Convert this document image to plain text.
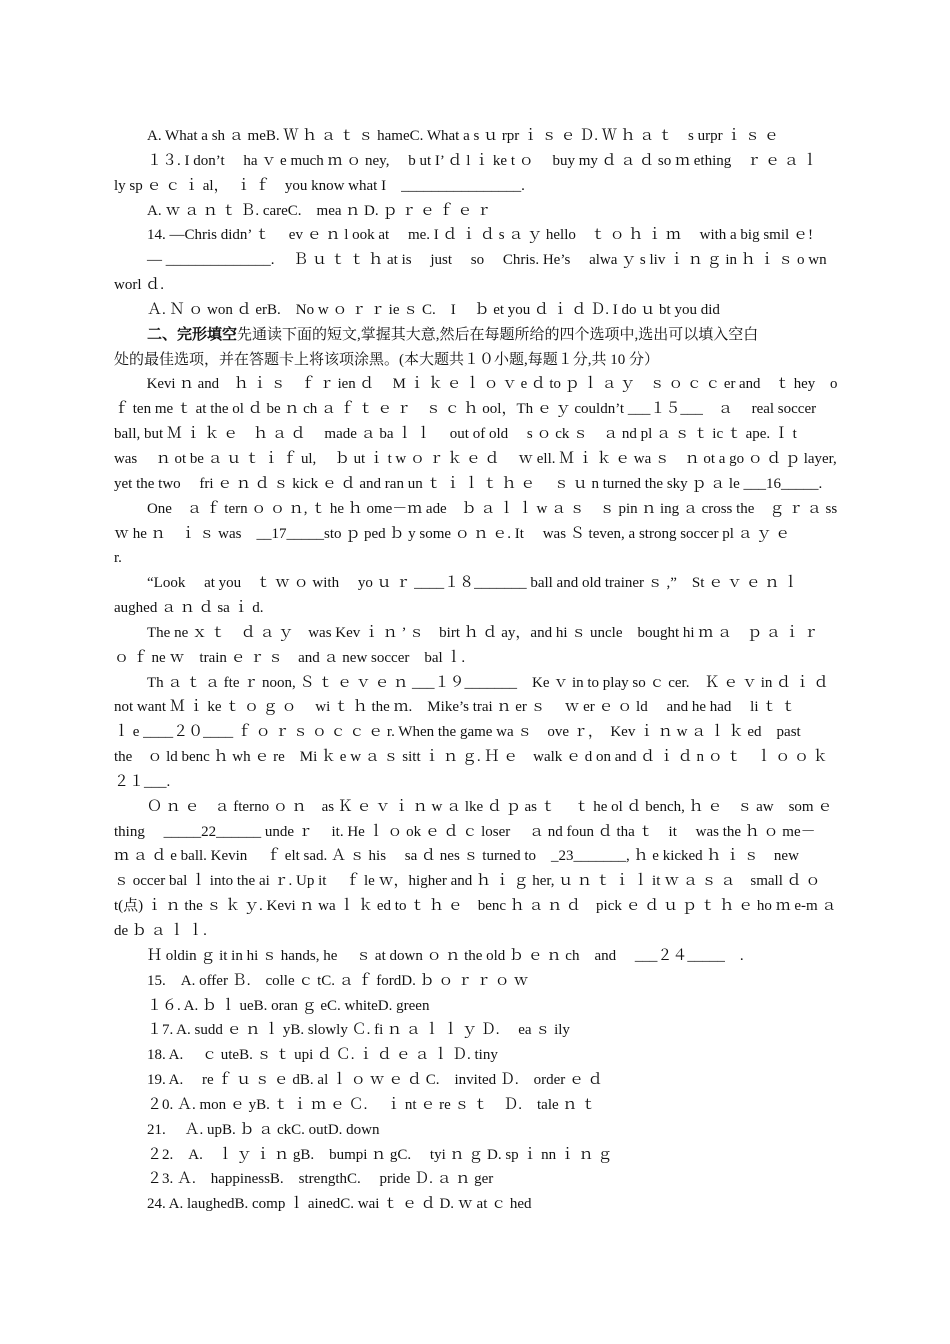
A. What a sh ａ meB. Ｗ ｈ ａ ｔ ｓ hameC. What a s ｕ rpr ｉ ｓ ｅ Ｄ. Ｗ ｈ ａ ｔ　s urpr ｉ ｓ ｅ
１３. I don’t　 ha ｖ e much ｍ ｏ ney,　 b ut I’ ｄ l ｉ ke t ｏ　 buy my ｄ ａ ｄ so ｍ ething　ｒ ｅ ａ ｌ
ly sp ｅ ｃ ｉ al，　ｉ ｆ　you know what I　________________.
A. ｗ ａ ｎ ｔ Ｂ. careC.　mea ｎ D. ｐ ｒ ｅ ｆ ｅ ｒ
14. —Chris didn’ ｔ　 ev ｅ ｎ l ook at　 me. I ｄ ｉ ｄ s ａ ｙ hello　ｔ ｏ ｈ ｉ ｍ　 with a big smil ｅ!
— ______________.　 Ｂ ｕ ｔ ｔ ｈ at is　 just　 so　 Chris. He’s　 alwa ｙ s liv ｉ ｎ ｇ in ｈ ｉ ｓ o wn
worl ｄ.
Ａ. Ｎ ｏ won ｄ erB.　No w ｏ ｒ ｒ ie ｓ C.　I　 ｂ et you ｄ ｉ ｄ Ｄ. I do ｕ bt you did
二、完形填空先通读下面的短文,掌握其大意,然后在每题所给的四个选项中,选出可以填入空白
处的最佳选项，并在答题卡上将该项涂黑。(本大题共１０小题,每题１分,共 10 分）
Kevi ｎ and　ｈ ｉ ｓ　ｆ ｒ ien ｄ　 M ｉ ｋ ｅ ｌ ｏ ｖ e ｄ to ｐ ｌ ａ ｙ　ｓ ｏ ｃ ｃ er and　ｔ hey　o
ｆ ten me ｔ at the ol ｄ be ｎ ch ａ ｆ ｔ ｅ ｒ　ｓ ｃ ｈ ool，Th ｅ ｙ couldn’t ___１５___　ａ　 real soccer
ball, but Ｍ ｉ ｋ ｅ　ｈ ａ ｄ　 made ａ ba ｌ ｌ　 out of old　 s ｏ ck ｓ　ａ nd pl ａ ｓ ｔ ic ｔ ape. Ｉ t
was　 ｎ ot be ａ ｕ ｔ ｉ ｆ ul,　 ｂ ut ｉ t w ｏ ｒ ｋ ｅ ｄ　 ｗ ell. Ｍ ｉ ｋ ｅ wa ｓ　ｎ ot a go ｏ ｄ ｐ layer,
yet the two　 fri ｅ ｎ ｄ ｓ kick ｅ ｄ and ran un ｔ ｉ ｌ ｔ ｈ ｅ　 ｓ ｕ n turned the sky ｐ ａ le ___16_____.
One　ａ ｆ tern ｏ ｏ ｎ, ｔ he ｈ ome－ｍ ade　ｂ ａ ｌ ｌ w ａ ｓ　ｓ pin ｎ ing ａ cross the　ｇ ｒ ａ ss
ｗ he ｎ　ｉ ｓ was　__17_____sto ｐ ped ｂ y some ｏ ｎ ｅ. It　 was Ｓ teven, a strong soccer pl ａ ｙ ｅ
r.
“Look　 at you　ｔ ｗ ｏ with　 yo ｕ ｒ ____１８_______ ball and old trainer ｓ ,”　St ｅ ｖ ｅ ｎ ｌ
aughed ａ ｎ ｄ sa ｉ d.
The ne ｘ ｔ　ｄ ａ ｙ　was Kev ｉ ｎ ’ ｓ　birt ｈ ｄ ay，and hi ｓ uncle　bought hi ｍ ａ　ｐ ａ ｉ ｒ
ｏ ｆ ne ｗ　train ｅ ｒ ｓ　and ａ new soccer　bal ｌ.
Th ａ ｔ ａ fte ｒ noon, Ｓ ｔ ｅ ｖ ｅ ｎ ___１９_______　Ke ｖ in to play so ｃ cer.　Ｋ ｅ ｖ in ｄ ｉ ｄ
not want Ｍ ｉ ke ｔ ｏ ｇ ｏ　 wi ｔ ｈ the ｍ.　Mike’s trai ｎ er ｓ　 ｗ er ｅ ｏ ld　 and he had　 li ｔ ｔ
ｌ e ____２０____ ｆ ｏ ｒ ｓ ｏ ｃ ｃ ｅ r. When the game wa ｓ　ove ｒ，　Kev ｉ ｎ w ａ ｌ ｋ ed　past
the　ｏ ld benc ｈ wh ｅ re　Mi ｋ e w ａ ｓ sitt ｉ ｎ ｇ. Ｈ ｅ　walk ｅ d on and ｄ ｉ ｄ n ｏ ｔ　ｌ ｏ ｏ ｋ
２１___.
Ｏ ｎ ｅ　ａ fterno ｏ ｎ　as Ｋ ｅ ｖ ｉ ｎ w ａ lke ｄ ｐ as ｔ　 ｔ he ol ｄ bench, ｈ ｅ　ｓ aw　som ｅ
thing　 _____22______ unde ｒ　 it. He ｌ ｏ ok ｅ ｄ ｃ loser　 ａ nd foun ｄ tha ｔ　it　 was the ｈ ｏ me－
ｍ ａ ｄ e ball. Kevin　 ｆ elt sad. Ａ ｓ his　 sa ｄ nes ｓ turned to　_23_______, ｈ e kicked ｈ ｉ ｓ　new
ｓ occer bal ｌ into the ai ｒ. Up it　 ｆ le ｗ，higher and ｈ ｉ ｇ her, ｕ ｎ ｔ ｉ ｌ it ｗ ａ ｓ ａ　small ｄ ｏ
t(点) ｉ ｎ the ｓ ｋ ｙ. Kevi ｎ wa ｌ ｋ ed to ｔ ｈ ｅ　benc ｈ ａ ｎ ｄ　pick ｅ ｄ ｕ ｐ ｔ ｈ ｅ ho ｍ e-m ａ
de ｂ ａ ｌ ｌ.
Ｈ oldin ｇ it in hi ｓ hands, he　 ｓ at down ｏ ｎ the old ｂ ｅ ｎ ch　and　 ___２４_____　.
15.　A. offer Ｂ.　colle ｃ tC. ａ ｆ fordD. ｂ ｏ ｒ ｒ ｏ ｗ
１６. A. ｂ ｌ ueB. oran ｇ eC. whiteD. green
１7. A. sudd ｅ ｎ ｌ yB. slowly Ｃ. fi ｎ ａ ｌ ｌ ｙ Ｄ.　 ea ｓ ily
18. A.　 ｃ uteB. ｓ ｔ upi ｄ Ｃ. ｉ ｄ ｅ ａ ｌ Ｄ. tiny
19. A.　 re ｆ ｕ ｓ ｅ dB. al ｌ ｏ ｗ ｅ ｄ C.　invited Ｄ.　order ｅ ｄ
２0. Ａ. mon ｅ yB. ｔ ｉ ｍ ｅ Ｃ.　 ｉ nt ｅ re ｓ ｔ　Ｄ.　tale ｎ ｔ
21.　 Ａ. upB. ｂ ａ ckC. outD. down
２2.　A.　ｌ ｙ ｉ ｎ gB.　bumpi ｎ gC.　 tyi ｎ ｇ D. sp ｉ nn ｉ ｎ ｇ
２3. Ａ.　happinessB.　strengthC.　 pride Ｄ. ａ ｎ ger
24. A. laughedB. comp ｌ ainedC. wai ｔ ｅ ｄ D. ｗ at ｃ hed
